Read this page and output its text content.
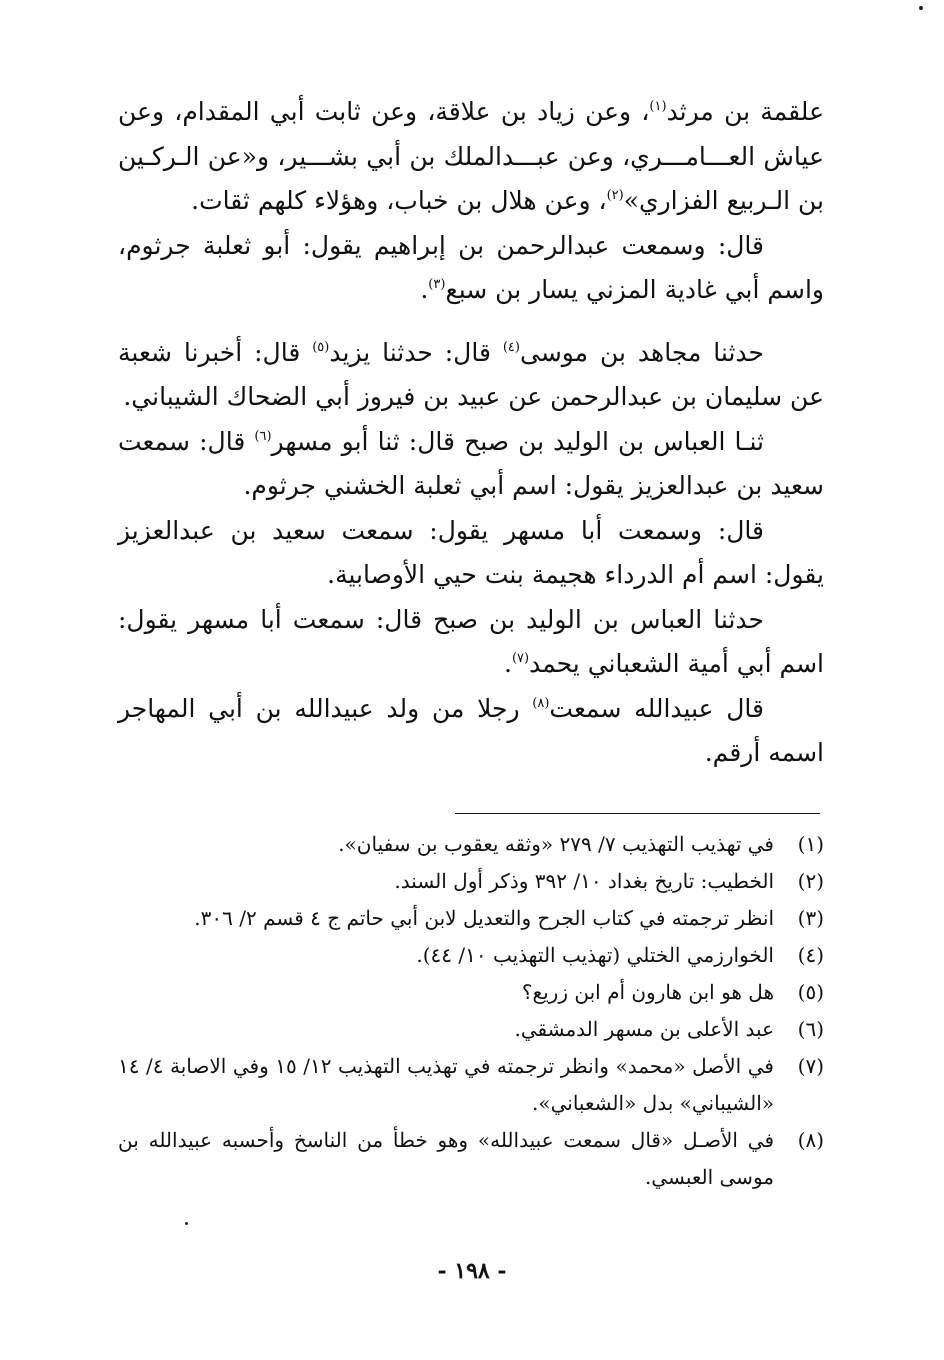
علقمة بن مرثد$^{(١)}$، وعن زياد بن علاقة، وعن ثابت أبي المقدام، وعن عياش العـــامـــري، وعن عبـــدالملك بن أبي بشـــير، و«عن الـركـين بن الـربيع الفزاري»$^{(٢)}$، وعن هلال بن خباب، وهؤلاء كلهم ثقات.

قال: وسمعت عبدالرحمن بن إبراهيم يقول: أبو ثعلبة جرثوم، واسم أبي غادية المزني يسار بن سبع$^{(٣)}$.

حدثنا مجاهد بن موسى$^{(٤)}$ قال: حدثنا يزيد$^{(٥)}$ قال: أخبرنا شعبة عن سليمان بن عبدالرحمن عن عبيد بن فيروز أبي الضحاك الشيباني.

ثنـا العباس بن الوليد بن صبح قال: ثنا أبو مسهر$^{(٦)}$ قال: سمعت سعيد بن عبدالعزيز يقول: اسم أبي ثعلبة الخشني جرثوم.

قال: وسمعت أبا مسهر يقول: سمعت سعيد بن عبدالعزيز يقول: اسم أم الدرداء هجيمة بنت حيي الأوصابية.

حدثنا العباس بن الوليد بن صبح قال: سمعت أبا مسهر يقول: اسم أبي أمية الشعباني يحمد$^{(٧)}$.

قال عبيدالله سمعت$^{(٨)}$ رجلا من ولد عبيدالله بن أبي المهاجر اسمه أرقم.

(١)
في تهذيب التهذيب ٧/ ٢٧٩ «وثقه يعقوب بن سفيان».
(٢)
الخطيب: تاريخ بغداد ١٠/ ٣٩٢ وذكر أول السند.
(٣)
انظر ترجمته في كتاب الجرح والتعديل لابن أبي حاتم ج ٤ قسم ٢/ ٣٠٦.
(٤)
الخوارزمي الختلي (تهذيب التهذيب ١٠/ ٤٤).
(٥)
هل هو ابن هارون أم ابن زريع؟
(٦)
عبد الأعلى بن مسهر الدمشقي.
(٧)
في الأصل «محمد» وانظر ترجمته في تهذيب التهذيب ١٢/ ١٥ وفي الاصابة ٤/ ١٤ «الشيباني» بدل «الشعباني».
(٨)
في الأصـل «قال سمعت عبيدالله» وهو خطأ من الناسخ وأحسبه عبيدالله بن موسى العبسي.
- ١٩٨ -
